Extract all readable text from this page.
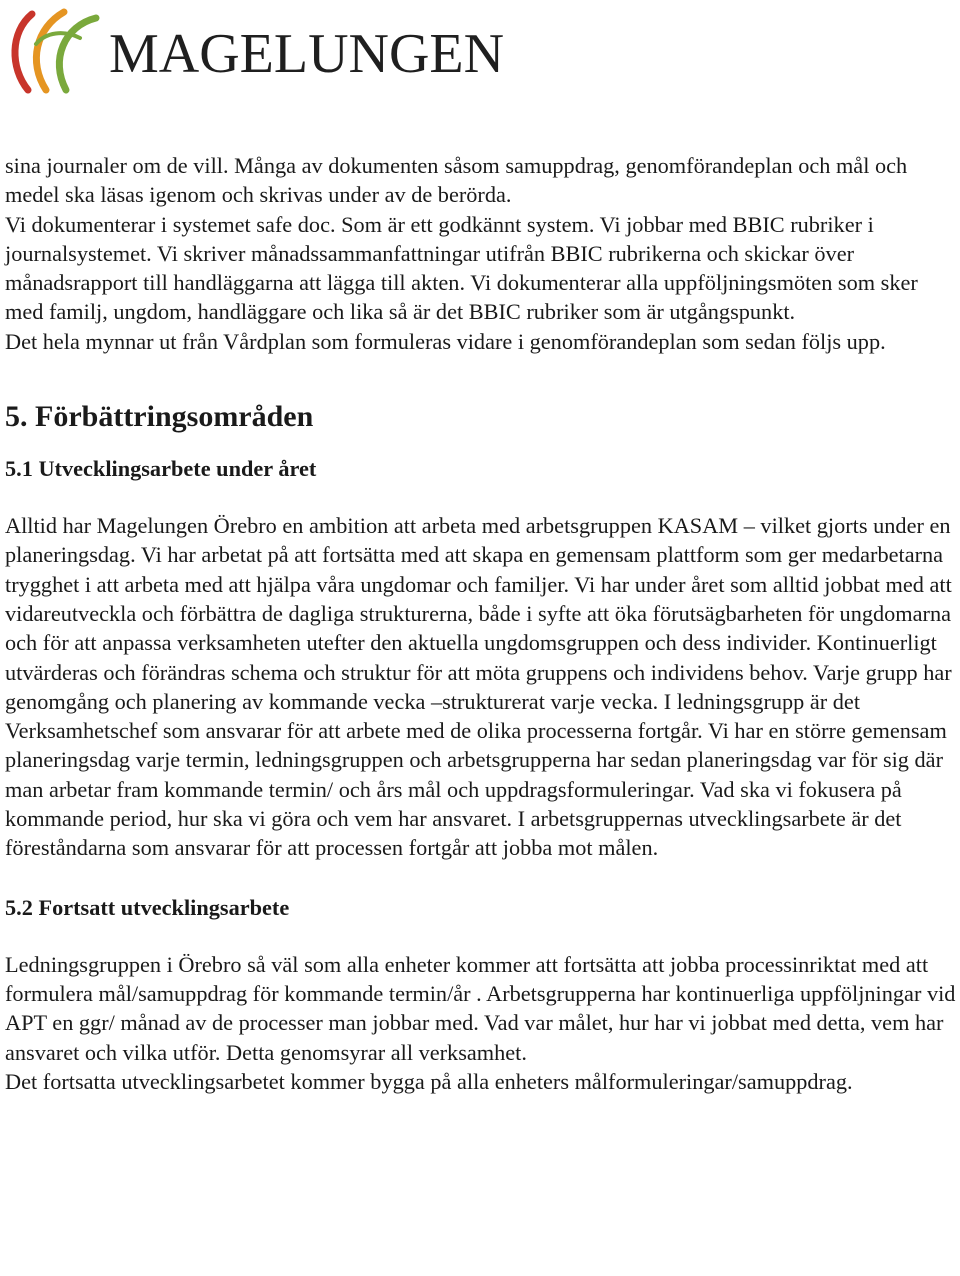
MAGELUNGEN

sina journaler om de vill. Många av dokumenten såsom samuppdrag, genomförandeplan och mål och medel ska läsas igenom och skrivas under av de berörda.

Vi dokumenterar i systemet safe doc. Som är ett godkännt system. Vi jobbar med BBIC rubriker i journalsystemet. Vi skriver månadssammanfattningar utifrån BBIC rubrikerna och skickar över månadsrapport till handläggarna att lägga till akten. Vi dokumenterar alla uppföljningsmöten som sker med familj, ungdom, handläggare och lika så är det BBIC rubriker som är utgångspunkt.

Det hela mynnar ut från Vårdplan som formuleras vidare i genomförandeplan som sedan följs upp.

5. Förbättringsområden
5.1 Utvecklingsarbete under året

Alltid har Magelungen Örebro en ambition att arbeta med arbetsgruppen KASAM – vilket gjorts under en planeringsdag. Vi har arbetat på att fortsätta med att skapa en gemensam plattform som ger medarbetarna trygghet i att arbeta med att hjälpa våra ungdomar och familjer. Vi har under året som alltid jobbat med att vidareutveckla och förbättra de dagliga strukturerna, både i syfte att öka förutsägbarheten för ungdomarna och för att anpassa verksamheten utefter den aktuella ungdomsgruppen och dess individer. Kontinuerligt utvärderas och förändras schema och struktur för att möta gruppens och individens behov. Varje grupp har genomgång och planering av kommande vecka –strukturerat varje vecka. I ledningsgrupp är det Verksamhetschef som ansvarar för att arbete med de olika processerna fortgår. Vi har en större gemensam planeringsdag varje termin, ledningsgruppen och arbetsgrupperna har sedan planeringsdag var för sig där man arbetar fram kommande termin/ och års mål och uppdragsformuleringar. Vad ska vi fokusera på kommande period, hur ska vi göra och vem har ansvaret. I arbetsgruppernas utvecklingsarbete är det föreståndarna som ansvarar för att processen fortgår att jobba mot målen.

5.2 Fortsatt utvecklingsarbete

Ledningsgruppen i Örebro så väl som alla enheter kommer att fortsätta att jobba processinriktat med att formulera mål/samuppdrag för kommande termin/år . Arbetsgrupperna har kontinuerliga uppföljningar vid APT en ggr/ månad av de processer man jobbar med. Vad var målet, hur har vi jobbat med detta, vem har ansvaret och vilka utför. Detta genomsyrar all verksamhet.

Det fortsatta utvecklingsarbetet kommer bygga på alla enheters målformuleringar/samuppdrag.
